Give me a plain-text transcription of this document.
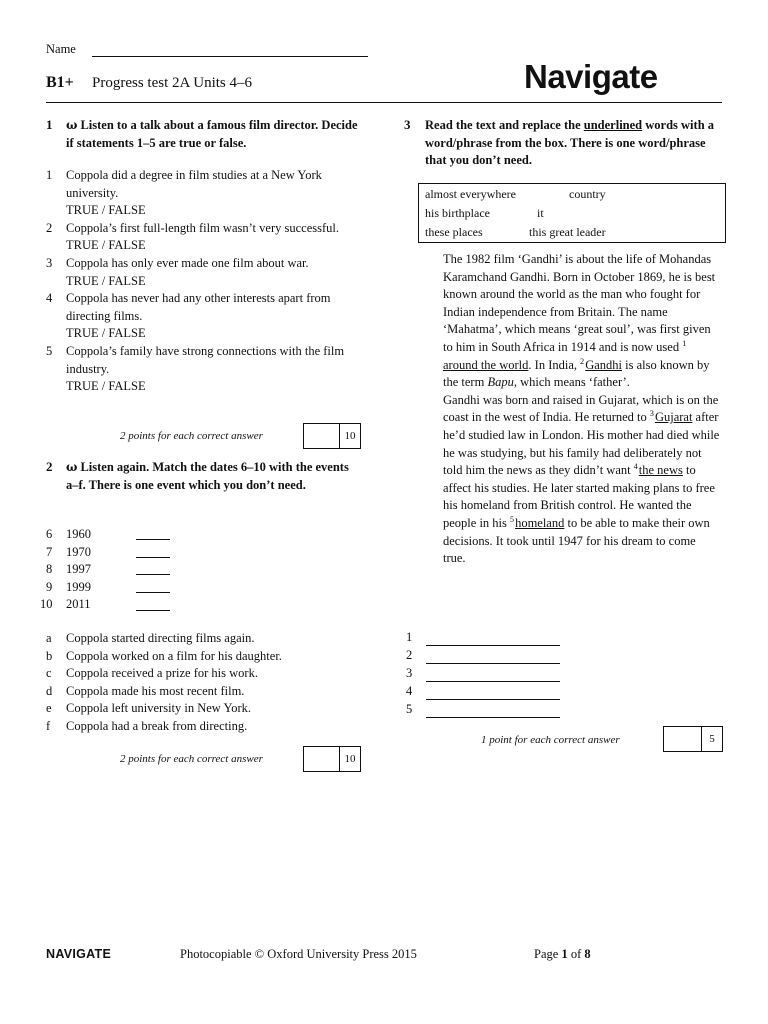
Name
B1+ Progress test 2A Units 4–6	Navigate
1 ω Listen to a talk about a famous film director. Decide if statements 1–5 are true or false.
1 Coppola did a degree in film studies at a New York university.
TRUE / FALSE
2 Coppola’s first full-length film wasn’t very successful.
TRUE / FALSE
3 Coppola has only ever made one film about war.
TRUE / FALSE
4 Coppola has never had any other interests apart from directing films.
TRUE / FALSE
5 Coppola’s family have strong connections with the film industry.
TRUE / FALSE
2 points for each correct answer	10
2 ω Listen again. Match the dates 6–10 with the events a–f. There is one event which you don’t need.
6	1960
7	1970
8	1997
9	1999
10	2011
a	Coppola started directing films again.
b	Coppola worked on a film for his daughter.
c	Coppola received a prize for his work.
d	Coppola made his most recent film.
e	Coppola left university in New York.
f	Coppola had a break from directing.
2 points for each correct answer	10
3 Read the text and replace the underlined words with a word/phrase from the box. There is one word/phrase that you don’t need.
almost everywhere	country
his birthplace	it
these places	this great leader
The 1982 film ‘Gandhi’ is about the life of Mohandas Karamchand Gandhi. Born in October 1869, he is best known around the world as the man who fought for Indian independence from Britain. The name ‘Mahatma’, which means ‘great soul’, was first given to him in South Africa in 1914 and is now used $^1$ around the world. In India, $^2$ Gandhi is also known by the term Bapu, which means ‘father’.
Gandhi was born and raised in Gujarat, which is on the coast in the west of India. He returned to $^3$ Gujarat after he’d studied law in London. His mother had died while he was studying, but his family had deliberately not told him the news as they didn’t want $^4$ the news to affect his studies. He later started making plans to free his homeland from British control. He wanted the people in his $^5$ homeland to be able to make their own decisions. It took until 1947 for his dream to come true.
1
2
3
4
5
1 point for each correct answer	5
NAVIGATE	Photocopiable © Oxford University Press 2015	Page 1 of 8
